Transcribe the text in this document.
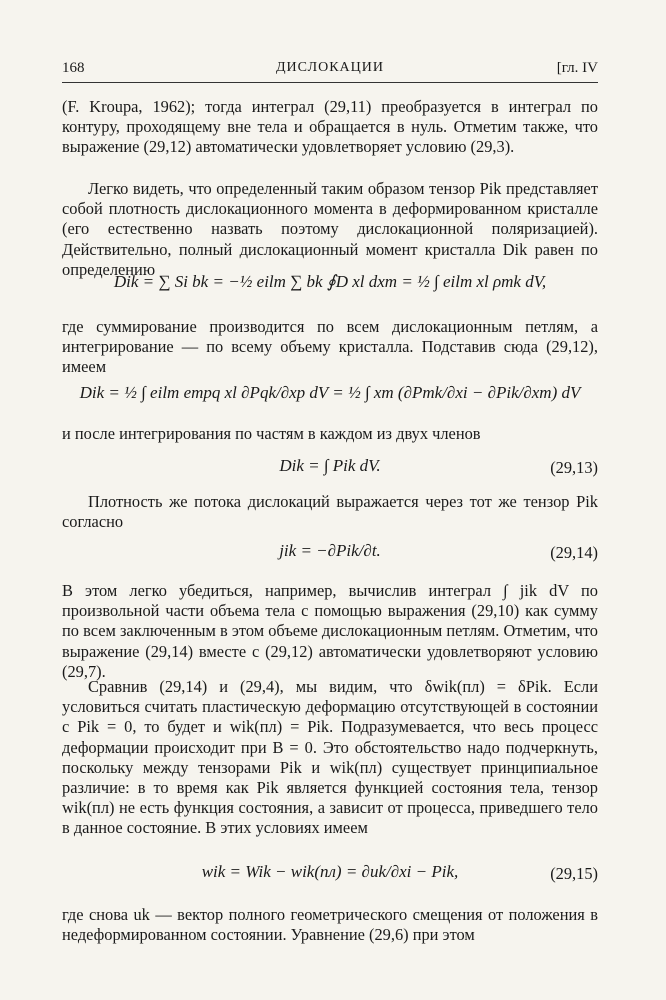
168	ДИСЛОКАЦИИ	[гл. IV

(F. Kroupa, 1962); тогда интеграл (29,11) преобразуется в интеграл по контуру, проходящему вне тела и обращается в нуль. Отметим также, что выражение (29,12) автоматически удовлетворяет условию (29,3).

Легко видеть, что определенный таким образом тензор Pik представляет собой плотность дислокационного момента в деформированном кристалле (его естественно назвать поэтому дислокационной поляризацией). Действительно, полный дислокационный момент кристалла Dik равен по определению

Dik = ∑ Si bk = −½ eilm ∑ bk ∮D xl dxm = ½ ∫ eilm xl ρmk dV,

где суммирование производится по всем дислокационным петлям, а интегрирование — по всему объему кристалла. Подставив сюда (29,12), имеем

Dik = ½ ∫ eilm empq xl ∂Pqk/∂xp dV = ½ ∫ xm (∂Pmk/∂xi − ∂Pik/∂xm) dV

и после интегрирования по частям в каждом из двух членов

Dik = ∫ Pik dV.	(29,13)

Плотность же потока дислокаций выражается через тот же тензор Pik согласно

jik = −∂Pik/∂t.	(29,14)

В этом легко убедиться, например, вычислив интеграл ∫ jik dV по произвольной части объема тела с помощью выражения (29,10) как сумму по всем заключенным в этом объеме дислокационным петлям. Отметим, что выражение (29,14) вместе с (29,12) автоматически удовлетворяют условию (29,7).

Сравнив (29,14) и (29,4), мы видим, что δwik(пл) = δPik. Если условиться считать пластическую деформацию отсутствующей в состоянии с Pik = 0, то будет и wik(пл) = Pik. Подразумевается, что весь процесс деформации происходит при B = 0. Это обстоятельство надо подчеркнуть, поскольку между тензорами Pik и wik(пл) существует принципиальное различие: в то время как Pik является функцией состояния тела, тензор wik(пл) не есть функция состояния, а зависит от процесса, приведшего тело в данное состояние. В этих условиях имеем

wik = Wik − wik(пл) = ∂uk/∂xi − Pik,	(29,15)

где снова uk — вектор полного геометрического смещения от положения в недеформированном состоянии. Уравнение (29,6) при этом
